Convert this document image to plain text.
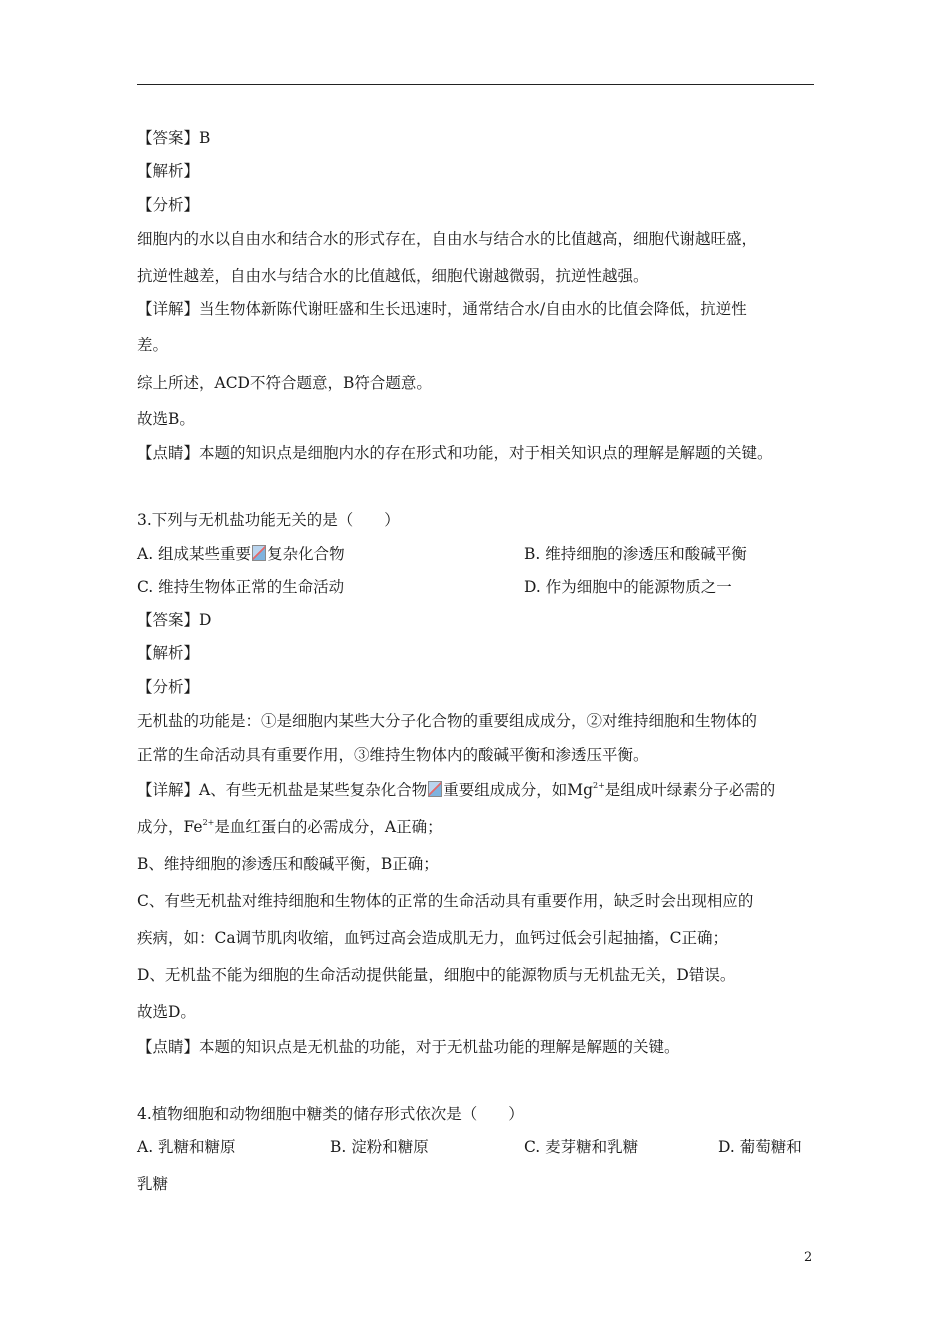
【答案】B
【解析】
【分析】
细胞内的水以自由水和结合水的形式存在，自由水与结合水的比值越高，细胞代谢越旺盛，
抗逆性越差，自由水与结合水的比值越低，细胞代谢越微弱，抗逆性越强。
【详解】当生物体新陈代谢旺盛和生长迅速时，通常结合水/自由水的比值会降低，抗逆性
差。
综上所述，ACD不符合题意，B符合题意。
故选B。
【点睛】本题的知识点是细胞内水的存在形式和功能，对于相关知识点的理解是解题的关键。
3.下列与无机盐功能无关的是（　　）
A. 组成某些重要 复杂化合物	B. 维持细胞的渗透压和酸碱平衡
C. 维持生物体正常的生命活动	D. 作为细胞中的能源物质之一
【答案】D
【解析】
【分析】
无机盐的功能是：①是细胞内某些大分子化合物的重要组成成分，②对维持细胞和生物体的
正常的生命活动具有重要作用，③维持生物体内的酸碱平衡和渗透压平衡。
【详解】A、有些无机盐是某些复杂化合物 重要组成成分，如$Mg^{2+}$是组成叶绿素分子必需的
成分，$Fe^{2+}$是血红蛋白的必需成分，A正确；
B、维持细胞的渗透压和酸碱平衡，B正确；
C、有些无机盐对维持细胞和生物体的正常的生命活动具有重要作用，缺乏时会出现相应的
疾病，如：Ca调节肌肉收缩，血钙过高会造成肌无力，血钙过低会引起抽搐，C正确；
D、无机盐不能为细胞的生命活动提供能量，细胞中的能源物质与无机盐无关，D错误。
故选D。
【点睛】本题的知识点是无机盐的功能，对于无机盐功能的理解是解题的关键。
4.植物细胞和动物细胞中糖类的储存形式依次是（　　）
A. 乳糖和糖原	B. 淀粉和糖原	C. 麦芽糖和乳糖	D. 葡萄糖和
乳糖
2
